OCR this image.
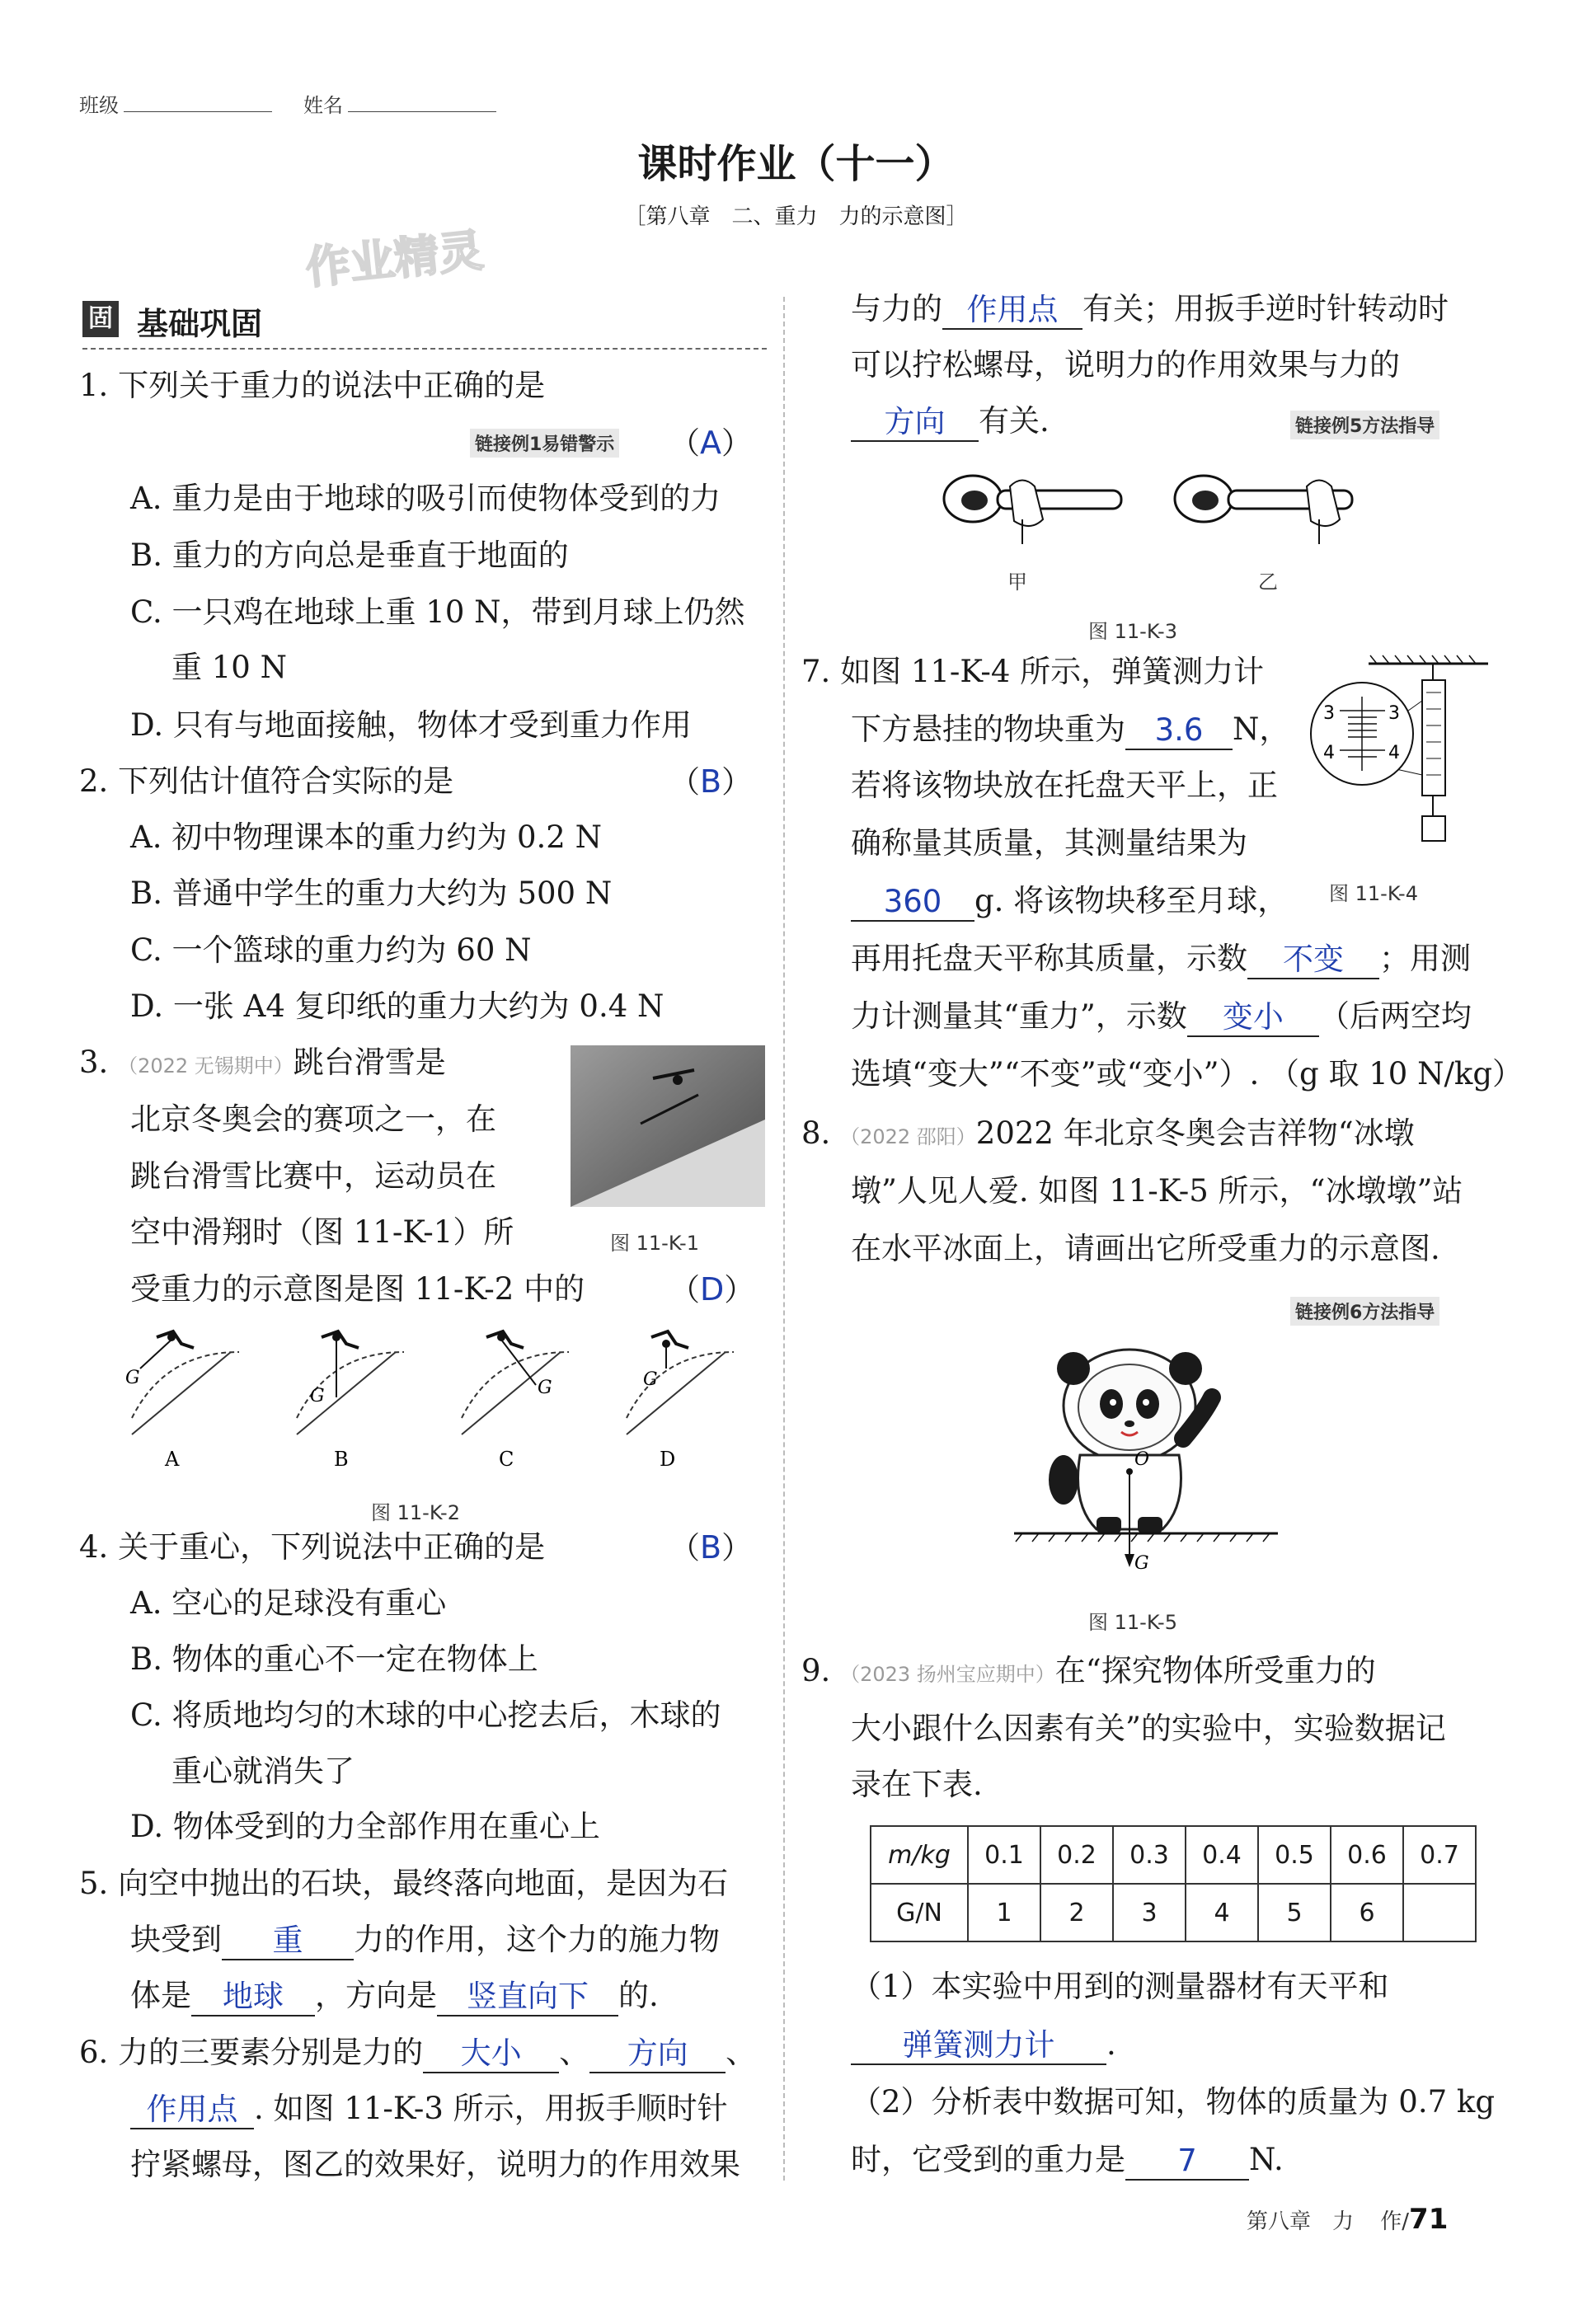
班级	姓名
课时作业（十一）
［第八章　二、重力　力的示意图］
作业精灵
固 基础巩固
1. 下列关于重力的说法中正确的是
链接例1易错警示 （A）
A. 重力是由于地球的吸引而使物体受到的力
B. 重力的方向总是垂直于地面的
C. 一只鸡在地球上重 10 N，带到月球上仍然
重 10 N
D. 只有与地面接触，物体才受到重力作用
2. 下列估计值符合实际的是	（B）
A. 初中物理课本的重力约为 0.2 N
B. 普通中学生的重力大约为 500 N
C. 一个篮球的重力约为 60 N
D. 一张 A4 复印纸的重力大约为 0.4 N
3. （2022 无锡期中）跳台滑雪是
北京冬奥会的赛项之一，在
跳台滑雪比赛中，运动员在
空中滑翔时（图 11-K-1）所
受重力的示意图是图 11-K-2 中的	（D）
图 11-K-1
G
G	G	G
A	B	C	D
图 11-K-2
4. 关于重心，下列说法中正确的是	（B）
A. 空心的足球没有重心
B. 物体的重心不一定在物体上
C. 将质地均匀的木球的中心挖去后，木球的
重心就消失了
D. 物体受到的力全部作用在重心上
5. 向空中抛出的石块，最终落向地面，是因为石
块受到 重 力的作用，这个力的施力物
体是 地球 ，方向是 竖直向下 的.
6. 力的三要素分别是力的 大小 、 方向 、
作用点 . 如图 11-K-3 所示，用扳手顺时针
拧紧螺母，图乙的效果好，说明力的作用效果
与力的 作用点 有关；用扳手逆时针转动时
可以拧松螺母，说明力的作用效果与力的
方向 有关.	链接例5方法指导
甲	乙
图 11-K-3
7. 如图 11-K-4 所示，弹簧测力计
下方悬挂的物块重为 3.6 N，
若将该物块放在托盘天平上，正
确称量其质量，其测量结果为
360 g. 将该物块移至月球，
再用托盘天平称其质量，示数 不变 ；用测
力计测量其“重力”，示数 变小 （后两空均
选填“变大”“不变”或“变小”）. （g 取 10 N/kg）
3
4
3
4
图 11-K-4
8. （2022 邵阳）2022 年北京冬奥会吉祥物“冰墩
墩”人见人爱. 如图 11-K-5 所示，“冰墩墩”站
在水平冰面上，请画出它所受重力的示意图.
链接例6方法指导
O
G
图 11-K-5
9. （2023 扬州宝应期中）在“探究物体所受重力的
大小跟什么因素有关”的实验中，实验数据记
录在下表.
m/kg	0.1	0.2	0.3	0.4	0.5	0.6	0.7
G/N	1	2	3	4	5	6	
（1）本实验中用到的测量器材有天平和
弹簧测力计 .
（2）分析表中数据可知，物体的质量为 0.7 kg
时，它受到的重力是 7 N.
第八章　力 作/71
